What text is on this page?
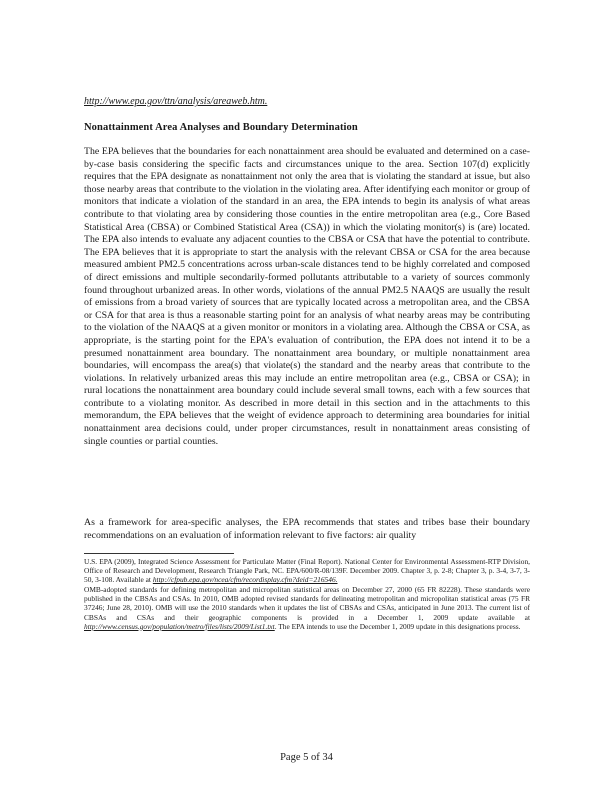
http://www.epa.gov/ttn/analysis/areaweb.htm.
Nonattainment Area Analyses and Boundary Determination

The EPA believes that the boundaries for each nonattainment area should be evaluated and determined on a case-by-case basis considering the specific facts and circumstances unique to the area. Section 107(d) explicitly requires that the EPA designate as nonattainment not only the area that is violating the standard at issue, but also those nearby areas that contribute to the violation in the violating area. After identifying each monitor or group of monitors that indicate a violation of the standard in an area, the EPA intends to begin its analysis of what areas contribute to that violating area by considering those counties in the entire metropolitan area (e.g., Core Based Statistical Area (CBSA) or Combined Statistical Area (CSA)) in which the violating monitor(s) is (are) located. The EPA also intends to evaluate any adjacent counties to the CBSA or CSA that have the potential to contribute. The EPA believes that it is appropriate to start the analysis with the relevant CBSA or CSA for the area because measured ambient PM2.5 concentrations across urban-scale distances tend to be highly correlated and composed of direct emissions and multiple secondarily-formed pollutants attributable to a variety of sources commonly found throughout urbanized areas. In other words, violations of the annual PM2.5 NAAQS are usually the result of emissions from a broad variety of sources that are typically located across a metropolitan area, and the CBSA or CSA for that area is thus a reasonable starting point for an analysis of what nearby areas may be contributing to the violation of the NAAQS at a given monitor or monitors in a violating area. Although the CBSA or CSA, as appropriate, is the starting point for the EPA's evaluation of contribution, the EPA does not intend it to be a presumed nonattainment area boundary. The nonattainment area boundary, or multiple nonattainment area boundaries, will encompass the area(s) that violate(s) the standard and the nearby areas that contribute to the violations. In relatively urbanized areas this may include an entire metropolitan area (e.g., CBSA or CSA); in rural locations the nonattainment area boundary could include several small towns, each with a few sources that contribute to a violating monitor. As described in more detail in this section and in the attachments to this memorandum, the EPA believes that the weight of evidence approach to determining area boundaries for initial nonattainment area decisions could, under proper circumstances, result in nonattainment areas consisting of single counties or partial counties.

As a framework for area-specific analyses, the EPA recommends that states and tribes base their boundary recommendations on an evaluation of information relevant to five factors: air quality

U.S. EPA (2009), Integrated Science Assessment for Particulate Matter (Final Report). National Center for Environmental Assessment-RTP Division, Office of Research and Development, Research Triangle Park, NC. EPA/600/R-08/139F. December 2009. Chapter 3, p. 2-8; Chapter 3, p. 3-4, 3-7, 3-50, 3-108. Available at http://cfpub.epa.gov/ncea/cfm/recordisplay.cfm?deid=216546.

OMB-adopted standards for defining metropolitan and micropolitan statistical areas on December 27, 2000 (65 FR 82228). These standards were published in the CBSAs and CSAs. In 2010, OMB adopted revised standards for delineating metropolitan and micropolitan statistical areas (75 FR 37246; June 28, 2010). OMB will use the 2010 standards when it updates the list of CBSAs and CSAs, anticipated in June 2013. The current list of CBSAs and CSAs and their geographic components is provided in a December 1, 2009 update available at http://www.census.gov/population/metro/files/lists/2009/List1.txt. The EPA intends to use the December 1, 2009 update in this designations process.

Page 5 of 34
